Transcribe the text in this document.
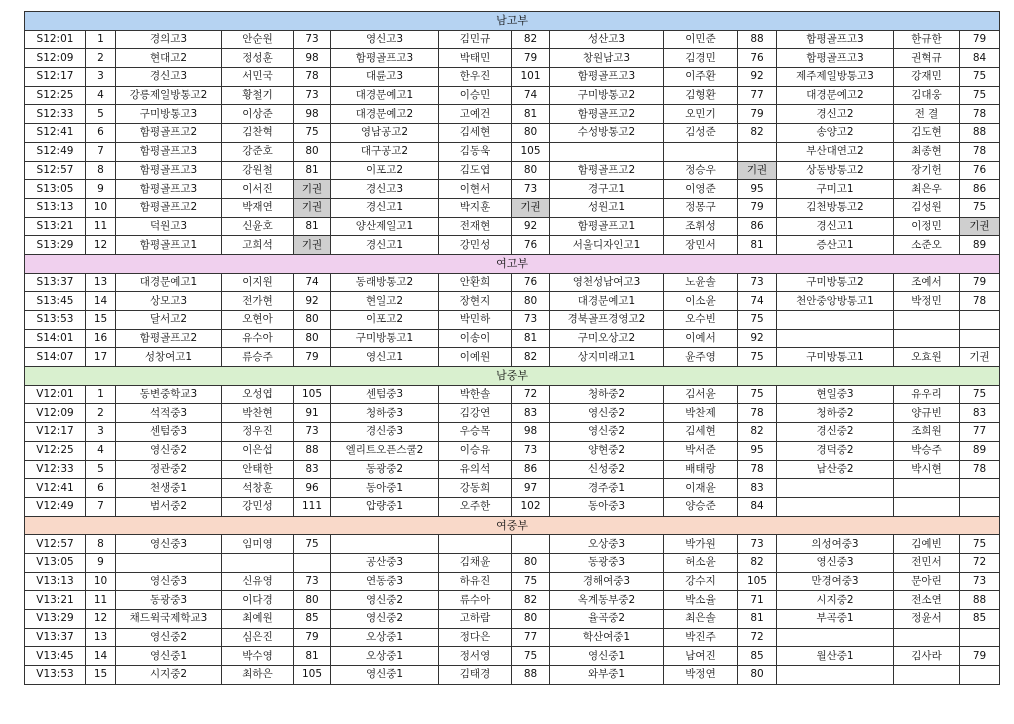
남고부													
S12:01	1	경의고3	안순원	73	영신고3	김민규	82	성산고3	이민준	88	함평골프고3	한규한	79
S12:09	2	현대고2	정성훈	98	함평골프고3	박태민	79	창원남고3	김경민	76	함평골프고3	권혁규	84
S12:17	3	경신고3	서민국	78	대륜고3	한우진	101	함평골프고3	이주환	92	제주제일방통고3	강재민	75
S12:25	4	강릉제일방통고2	황철기	73	대경문예고1	이승민	74	구미방통고2	김형환	77	대경문예고2	김대웅	75
S12:33	5	구미방통고3	이상준	98	대경문예고2	고예건	81	함평골프고2	오민기	79	경신고2	전 결	78
S12:41	6	함평골프고2	김찬혁	75	영남공고2	김세현	80	수성방통고2	김성준	82	송양고2	김도현	88
S12:49	7	함평골프고3	강준호	80	대구공고2	김동욱	105				부산대연고2	최종현	78
S12:57	8	함평골프고3	강원철	81	이포고2	김도엽	80	함평골프고2	정승우	기권	상동방통고2	장기헌	76
S13:05	9	함평골프고3	이서진	기권	경신고3	이현서	73	경구고1	이영준	95	구미고1	최은우	86
S13:13	10	함평골프고2	박재연	기권	경신고1	박지훈	기권	성원고1	정몽구	79	김천방통고2	김성원	75
S13:21	11	덕원고3	신윤호	81	양산제일고1	전재현	92	함평골프고1	조휘성	86	경신고1	이정민	기권
S13:29	12	함평골프고1	고희석	기권	경신고1	강민성	76	서울디자인고1	장민서	81	증산고1	소준오	89
여고부													
S13:37	13	대경문예고1	이지원	74	동래방통고2	안환희	76	영천성남여고3	노윤솔	73	구미방통고2	조예서	79
S13:45	14	상모고3	전가현	92	현일고2	장현지	80	대경문예고1	이소윤	74	천안중앙방통고1	박정민	78
S13:53	15	달서고2	오현아	80	이포고2	박민하	73	경북골프경영고2	오수빈	75			
S14:01	16	함평골프고2	유수아	80	구미방통고1	이송이	81	구미오상고2	이예서	92			
S14:07	17	성창여고1	류승주	79	영신고1	이예원	82	상지미래고1	윤주영	75	구미방통고1	오효원	기권
남중부													
V12:01	1	동변중학교3	오성엽	105	센텀중3	박한솔	72	청하중2	김서윤	75	현일중3	유우리	75
V12:09	2	석적중3	박찬현	91	청하중3	김강연	83	영신중2	박찬제	78	청하중2	양규빈	83
V12:17	3	센텀중3	정우진	73	경신중3	우승목	98	영신중2	김세현	82	경신중2	조희원	77
V12:25	4	영신중2	이은섭	88	엘리트오픈스쿨2	이승유	73	양현중2	박서준	95	경덕중2	박승주	89
V12:33	5	정관중2	안태한	83	동광중2	유의석	86	신성중2	배태랑	78	남산중2	박시현	78
V12:41	6	천생중1	석창훈	96	동아중1	강동희	97	경주중1	이재윤	83			
V12:49	7	범서중2	강민성	111	압량중1	오주한	102	동아중3	양승준	84			
여중부													
V12:57	8	영신중3	임미영	75				오상중3	박가원	73	의성여중3	김예빈	75
V13:05	9				공산중3	김채윤	80	동광중3	허소윤	82	영신중3	전민서	72
V13:13	10	영신중3	신유영	73	연동중3	하유진	75	경해여중3	강수지	105	만경여중3	문아린	73
V13:21	11	동광중3	이다경	80	영신중2	류수아	82	옥계동부중2	박소율	71	시지중2	전소연	88
V13:29	12	채드윅국제학교3	최예원	85	영신중2	고하람	80	율곡중2	최은솔	81	부곡중1	정윤서	85
V13:37	13	영신중2	심은진	79	오상중1	정다은	77	학산여중1	박진주	72			
V13:45	14	영신중1	박수영	81	오상중1	정서영	75	영신중1	남여진	85	월산중1	김사라	79
V13:53	15	시지중2	최하은	105	영신중1	김태경	88	와부중1	박정연	80			
